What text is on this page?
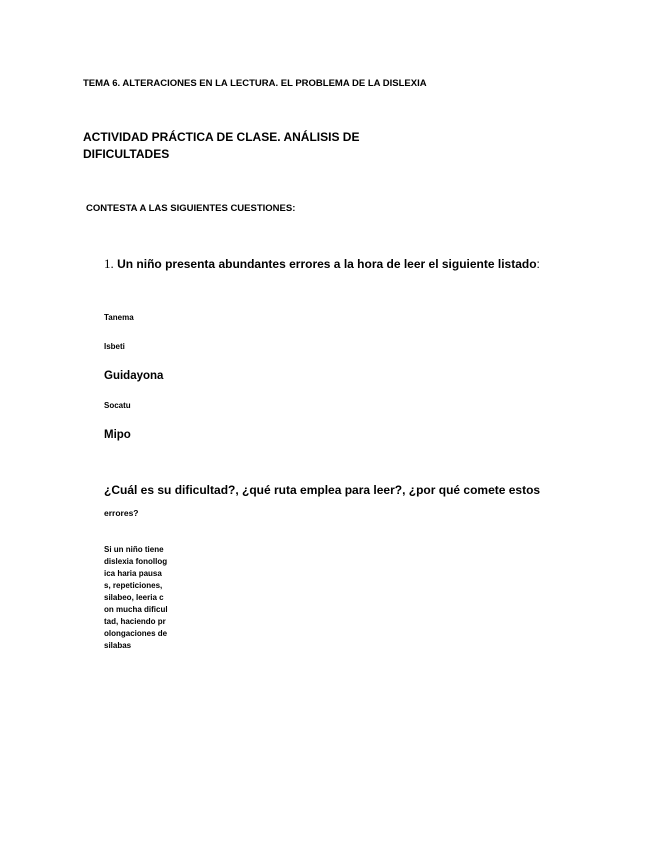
TEMA 6. ALTERACIONES EN LA LECTURA. EL PROBLEMA DE LA DISLEXIA
ACTIVIDAD PRÁCTICA DE CLASE. ANÁLISIS DE DIFICULTADES
CONTESTA A LAS SIGUIENTES CUESTIONES:
1. Un niño presenta abundantes errores a la hora de leer el siguiente listado:
Tanema
Isbeti
Guidayona
Socatu
Mipo
¿Cuál es su dificultad?, ¿qué ruta emplea para leer?, ¿por qué comete estos
errores?
Si un niño tiene dislexia fonollogica haria pausas, repeticiones, silabeo, leeria con mucha dificultad, haciendo prolongaciones de silabas
